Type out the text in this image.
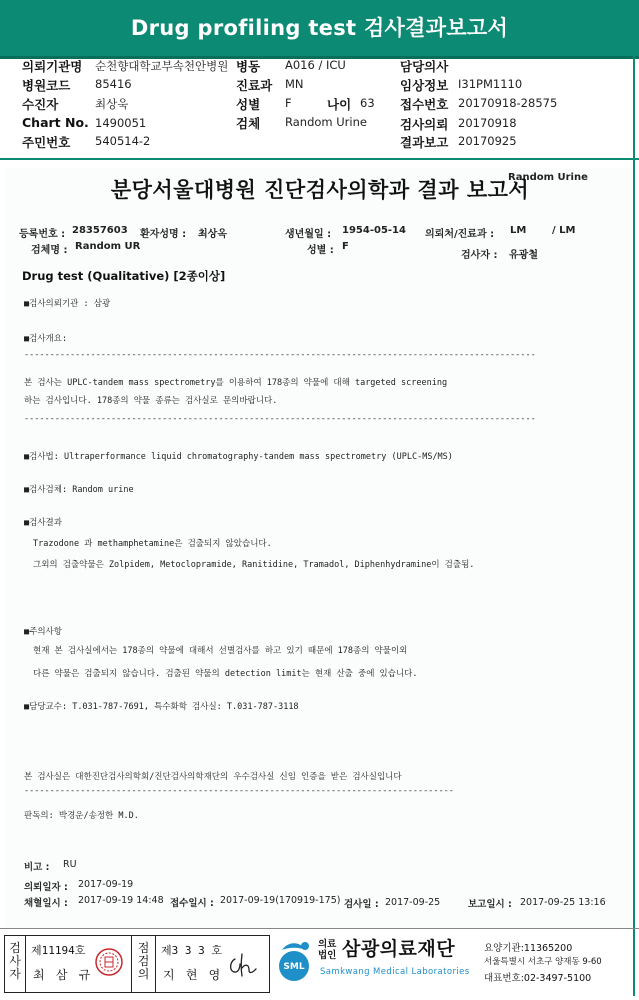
Drug profiling test 검사결과보고서
의뢰기관명 순천향대학교부속천안병원
병원코드 85416
수진자	최상욱
Chart No. 1490051
주민번호 540514-2
병동 A016 / ICU
진료과 MN
성별 F	나이 63
검체 Random Urine
담당의사
임상정보 I31PM1110
접수번호 20170918-28575
검사의뢰 20170918
결과보고 20170925
Random Urine
분당서울대병원 진단검사의학과 결과 보고서
등록번호 : 28357603 환자성명 : 최상옥	생년월일 : 1954-05-14 의뢰처/진료과 : LM	/ LM
검체명 : Random UR	성별 : F
검사자 : 유광철
Drug test (Qualitative) [2종이상]
■검사의뢰기관 : 삼광
■검사개요:
----------------------------------------------------------------------------------------------------
본 검사는 UPLC-tandem mass spectrometry를 이용하여 178종의 약물에 대해 targeted screening
하는 검사입니다. 178종의 약물 종류는 검사실로 문의바랍니다.
----------------------------------------------------------------------------------------------------
■검사법: Ultraperformance liquid chromatography-tandem mass spectrometry (UPLC-MS/MS)
■검사검체: Random urine
■검사결과
Trazodone 과 methamphetamine은 검출되지 않았습니다.
그외의 검출약물은 Zolpidem, Metoclopramide, Ranitidine, Tramadol, Diphenhydramine이 검출됨.
■주의사항
현재 본 검사실에서는 178종의 약물에 대해서 선별검사를 하고 있기 때문에 178종의 약물이외
다른 약물은 검출되지 않습니다. 검출된 약물의 detection limit는 현재 산출 중에 있습니다.
■담당교수: T.031-787-7691, 특수화학 검사실: T.031-787-3118
본 검사실은 대한진단검사의학회/진단검사의학재단의 우수검사실 신임 인증을 받은 검사실입니다
------------------------------------------------------------------------------------
판독의: 박경운/송정한 M.D.
비고 : RU
의뢰일자 : 2017-09-19
채혈일시 : 2017-09-19 14:48 접수일시 : 2017-09-19(170919-175) 검사일 : 2017-09-25	보고일시 : 2017-09-25 13:16
검사자
제11194호
최 삼 규
점검의
제3 3 3 호
지 현 영
SML
의료법인 삼광의료재단
Samkwang Medical Laboratories
요양기관:11365200
서울특별시 서초구 양재동 9-60
대표번호:02-3497-5100
